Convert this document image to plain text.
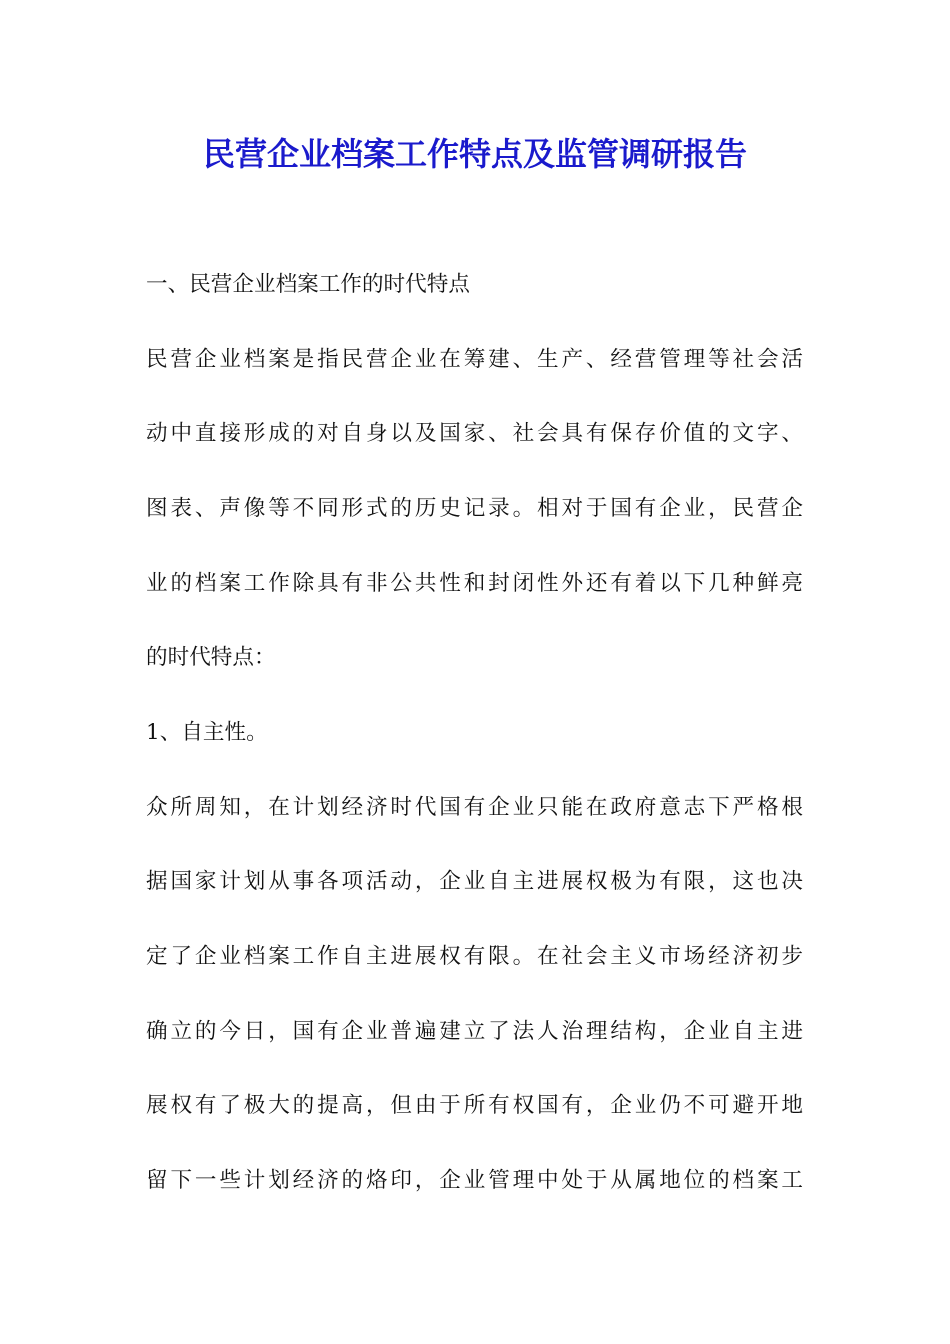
民营企业档案工作特点及监管调研报告
一、民营企业档案工作的时代特点
民营企业档案是指民营企业在筹建、生产、经营管理等社会活
动中直接形成的对自身以及国家、社会具有保存价值的文字、
图表、声像等不同形式的历史记录。相对于国有企业，民营企
业的档案工作除具有非公共性和封闭性外还有着以下几种鲜亮
的时代特点：
1、自主性。
众所周知，在计划经济时代国有企业只能在政府意志下严格根
据国家计划从事各项活动，企业自主进展权极为有限，这也决
定了企业档案工作自主进展权有限。在社会主义市场经济初步
确立的今日，国有企业普遍建立了法人治理结构，企业自主进
展权有了极大的提高，但由于所有权国有，企业仍不可避开地
留下一些计划经济的烙印，企业管理中处于从属地位的档案工
